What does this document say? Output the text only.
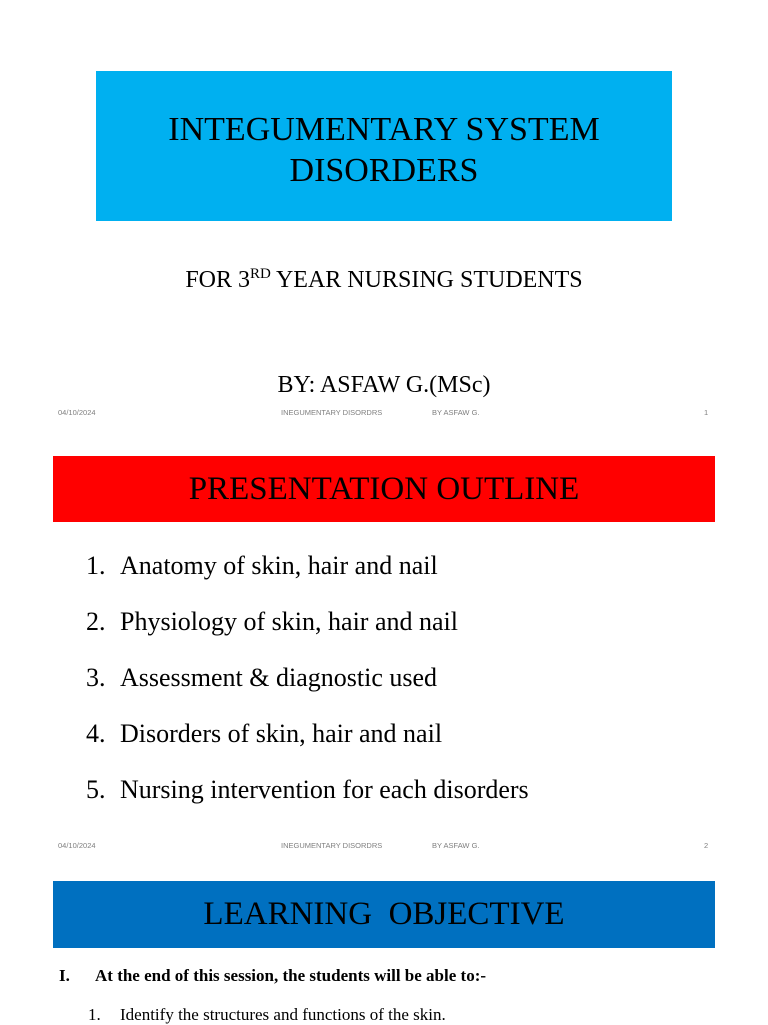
INTEGUMENTARY SYSTEM
DISORDERS
FOR 3RD YEAR NURSING STUDENTS
BY: ASFAW G.(MSc)
04/10/2024	INEGUMENTARY DISORDRS	BY ASFAW G.	1
PRESENTATION OUTLINE
04/10/2024	INEGUMENTARY DISORDRS	BY ASFAW G.	2
1. Anatomy of skin, hair and nail
2. Physiology of skin, hair and nail
3. Assessment & diagnostic used
4. Disorders of skin, hair and nail
5. Nursing intervention for each disorders
LEARNING  OBJECTIVE
I. At the end of this session, the students will be able to:-
1. Identify the structures and functions of the skin.
